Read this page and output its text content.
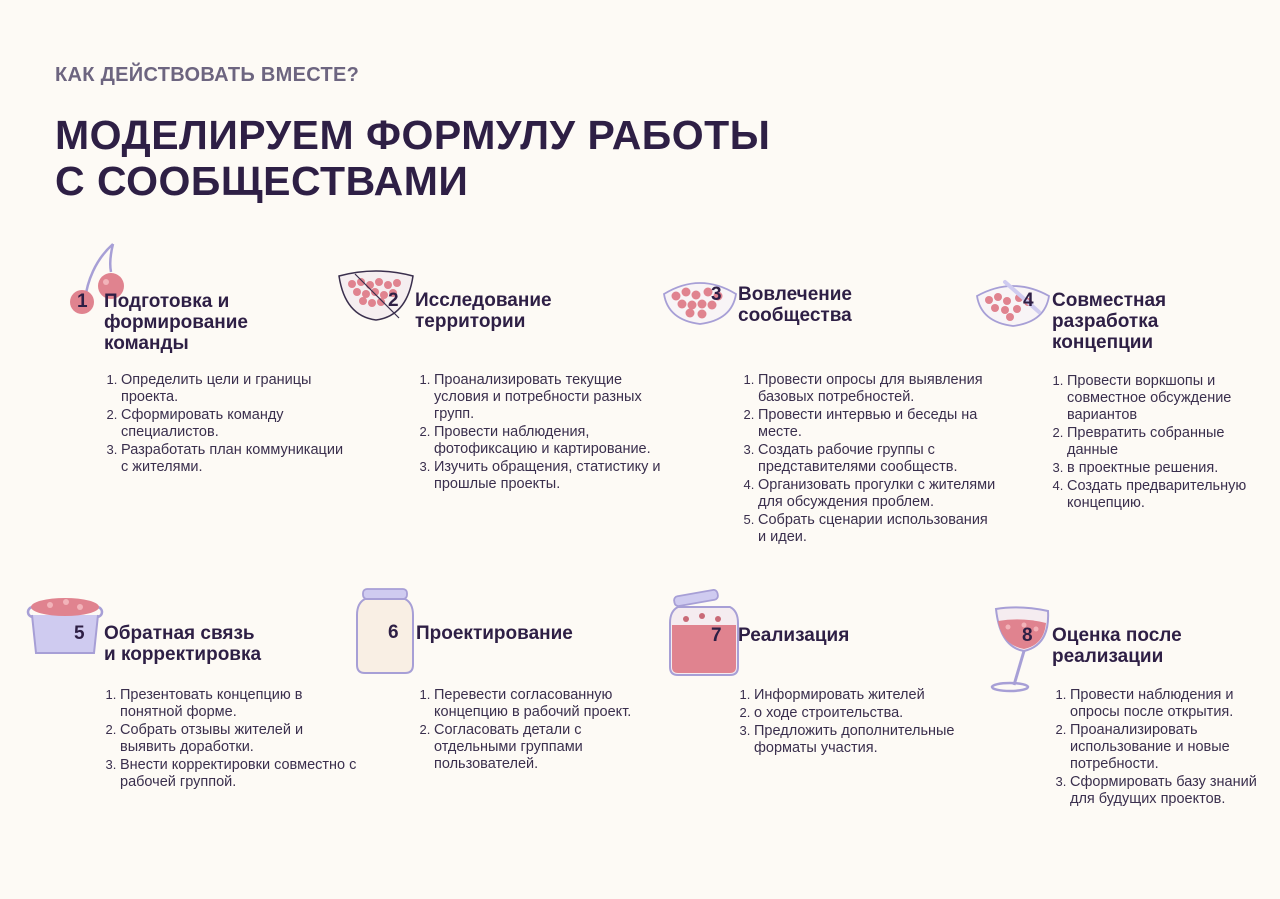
КАК ДЕЙСТВОВАТЬ ВМЕСТЕ?
МОДЕЛИРУЕМ ФОРМУЛУ РАБОТЫ
С СООБЩЕСТВАМИ
1 Подготовка и
формирование
команды
1. Определить цели и границы проекта.
2. Сформировать команду специалистов.
3. Разработать план коммуникации с жителями.
2 Исследование
территории
1. Проанализировать текущие условия и потребности разных групп.
2. Провести наблюдения, фотофиксацию и картирование.
3. Изучить обращения, статистику и прошлые проекты.
3 Вовлечение
сообщества
1. Провести опросы для выявления базовых потребностей.
2. Провести интервью и беседы на месте.
3. Создать рабочие группы с представителями сообществ.
4. Организовать прогулки с жителями для обсуждения проблем.
5. Собрать сценарии использования и идеи.
4 Совместная
разработка
концепции
1. Провести воркшопы и совместное обсуждение вариантов
2. Превратить собранные данные
3. в проектные решения.
4. Создать предварительную концепцию.
5 Обратная связь
и корректировка
1. Презентовать концепцию в понятной форме.
2. Собрать отзывы жителей и выявить доработки.
3. Внести корректировки совместно с рабочей группой.
6 Проектирование
1. Перевести согласованную концепцию в рабочий проект.
2. Согласовать детали с отдельными группами пользователей.
7 Реализация
1. Информировать жителей
2. о ходе строительства.
3. Предложить дополнительные форматы участия.
8 Оценка после
реализации
1. Провести наблюдения и опросы после открытия.
2. Проанализировать использование и новые потребности.
3. Сформировать базу знаний для будущих проектов.
